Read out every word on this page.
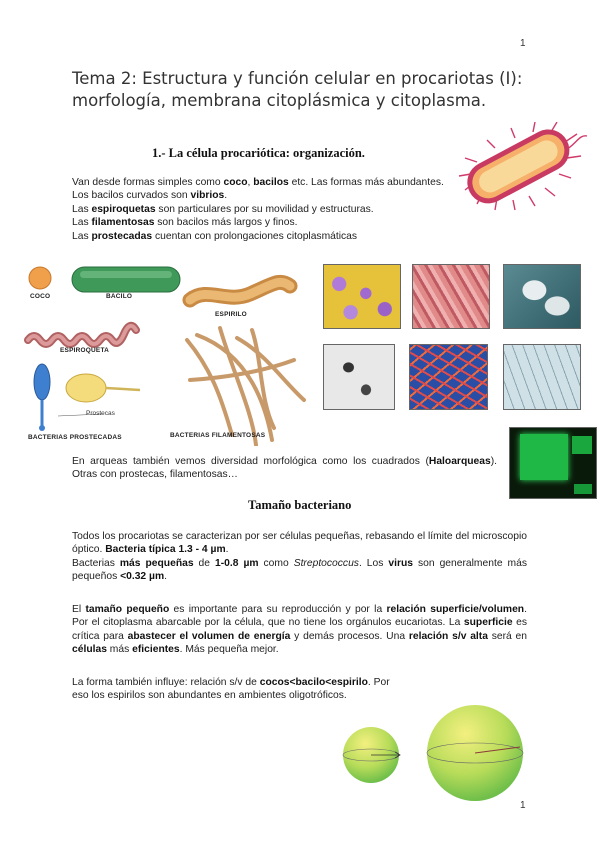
1
1
Tema 2: Estructura y función celular en procariotas (I):
morfología, membrana citoplásmica y citoplasma.
1.- La célula procariótica: organización.
Van desde formas simples como coco, bacilos etc. Las formas más abundantes. Los bacilos curvados son vibrios.
Las espiroquetas son particulares por su movilidad y estructuras.
Las filamentosas son bacilos más largos y finos.
Las prostecadas cuentan con prolongaciones citoplasmáticas
COCO	BACILO
ESPIRILO
ESPIROQUETA
Prostecas
BACTERIAS PROSTECADAS	BACTERIAS FILAMENTOSAS
En arqueas también vemos diversidad morfológica como los cuadrados (Haloarqueas). Otras con prostecas, filamentosas…
Tamaño bacteriano
Todos los procariotas se caracterizan por ser células pequeñas, rebasando el límite del microscopio óptico. Bacteria típica 1.3 - 4 µm.
Bacterias más pequeñas de 1-0.8 µm como Streptococcus. Los virus son generalmente más pequeños <0.32 µm.
El tamaño pequeño es importante para su reproducción y por la relación superficie/volumen. Por el citoplasma abarcable por la célula, que no tiene los orgánulos eucariotas. La superficie es crítica para abastecer el volumen de energía y demás procesos. Una relación s/v alta será en células más eficientes. Más pequeña mejor.
La forma también influye: relación s/v de cocos<bacilo<espirilo. Por
eso los espirilos son abundantes en ambientes oligotróficos.
